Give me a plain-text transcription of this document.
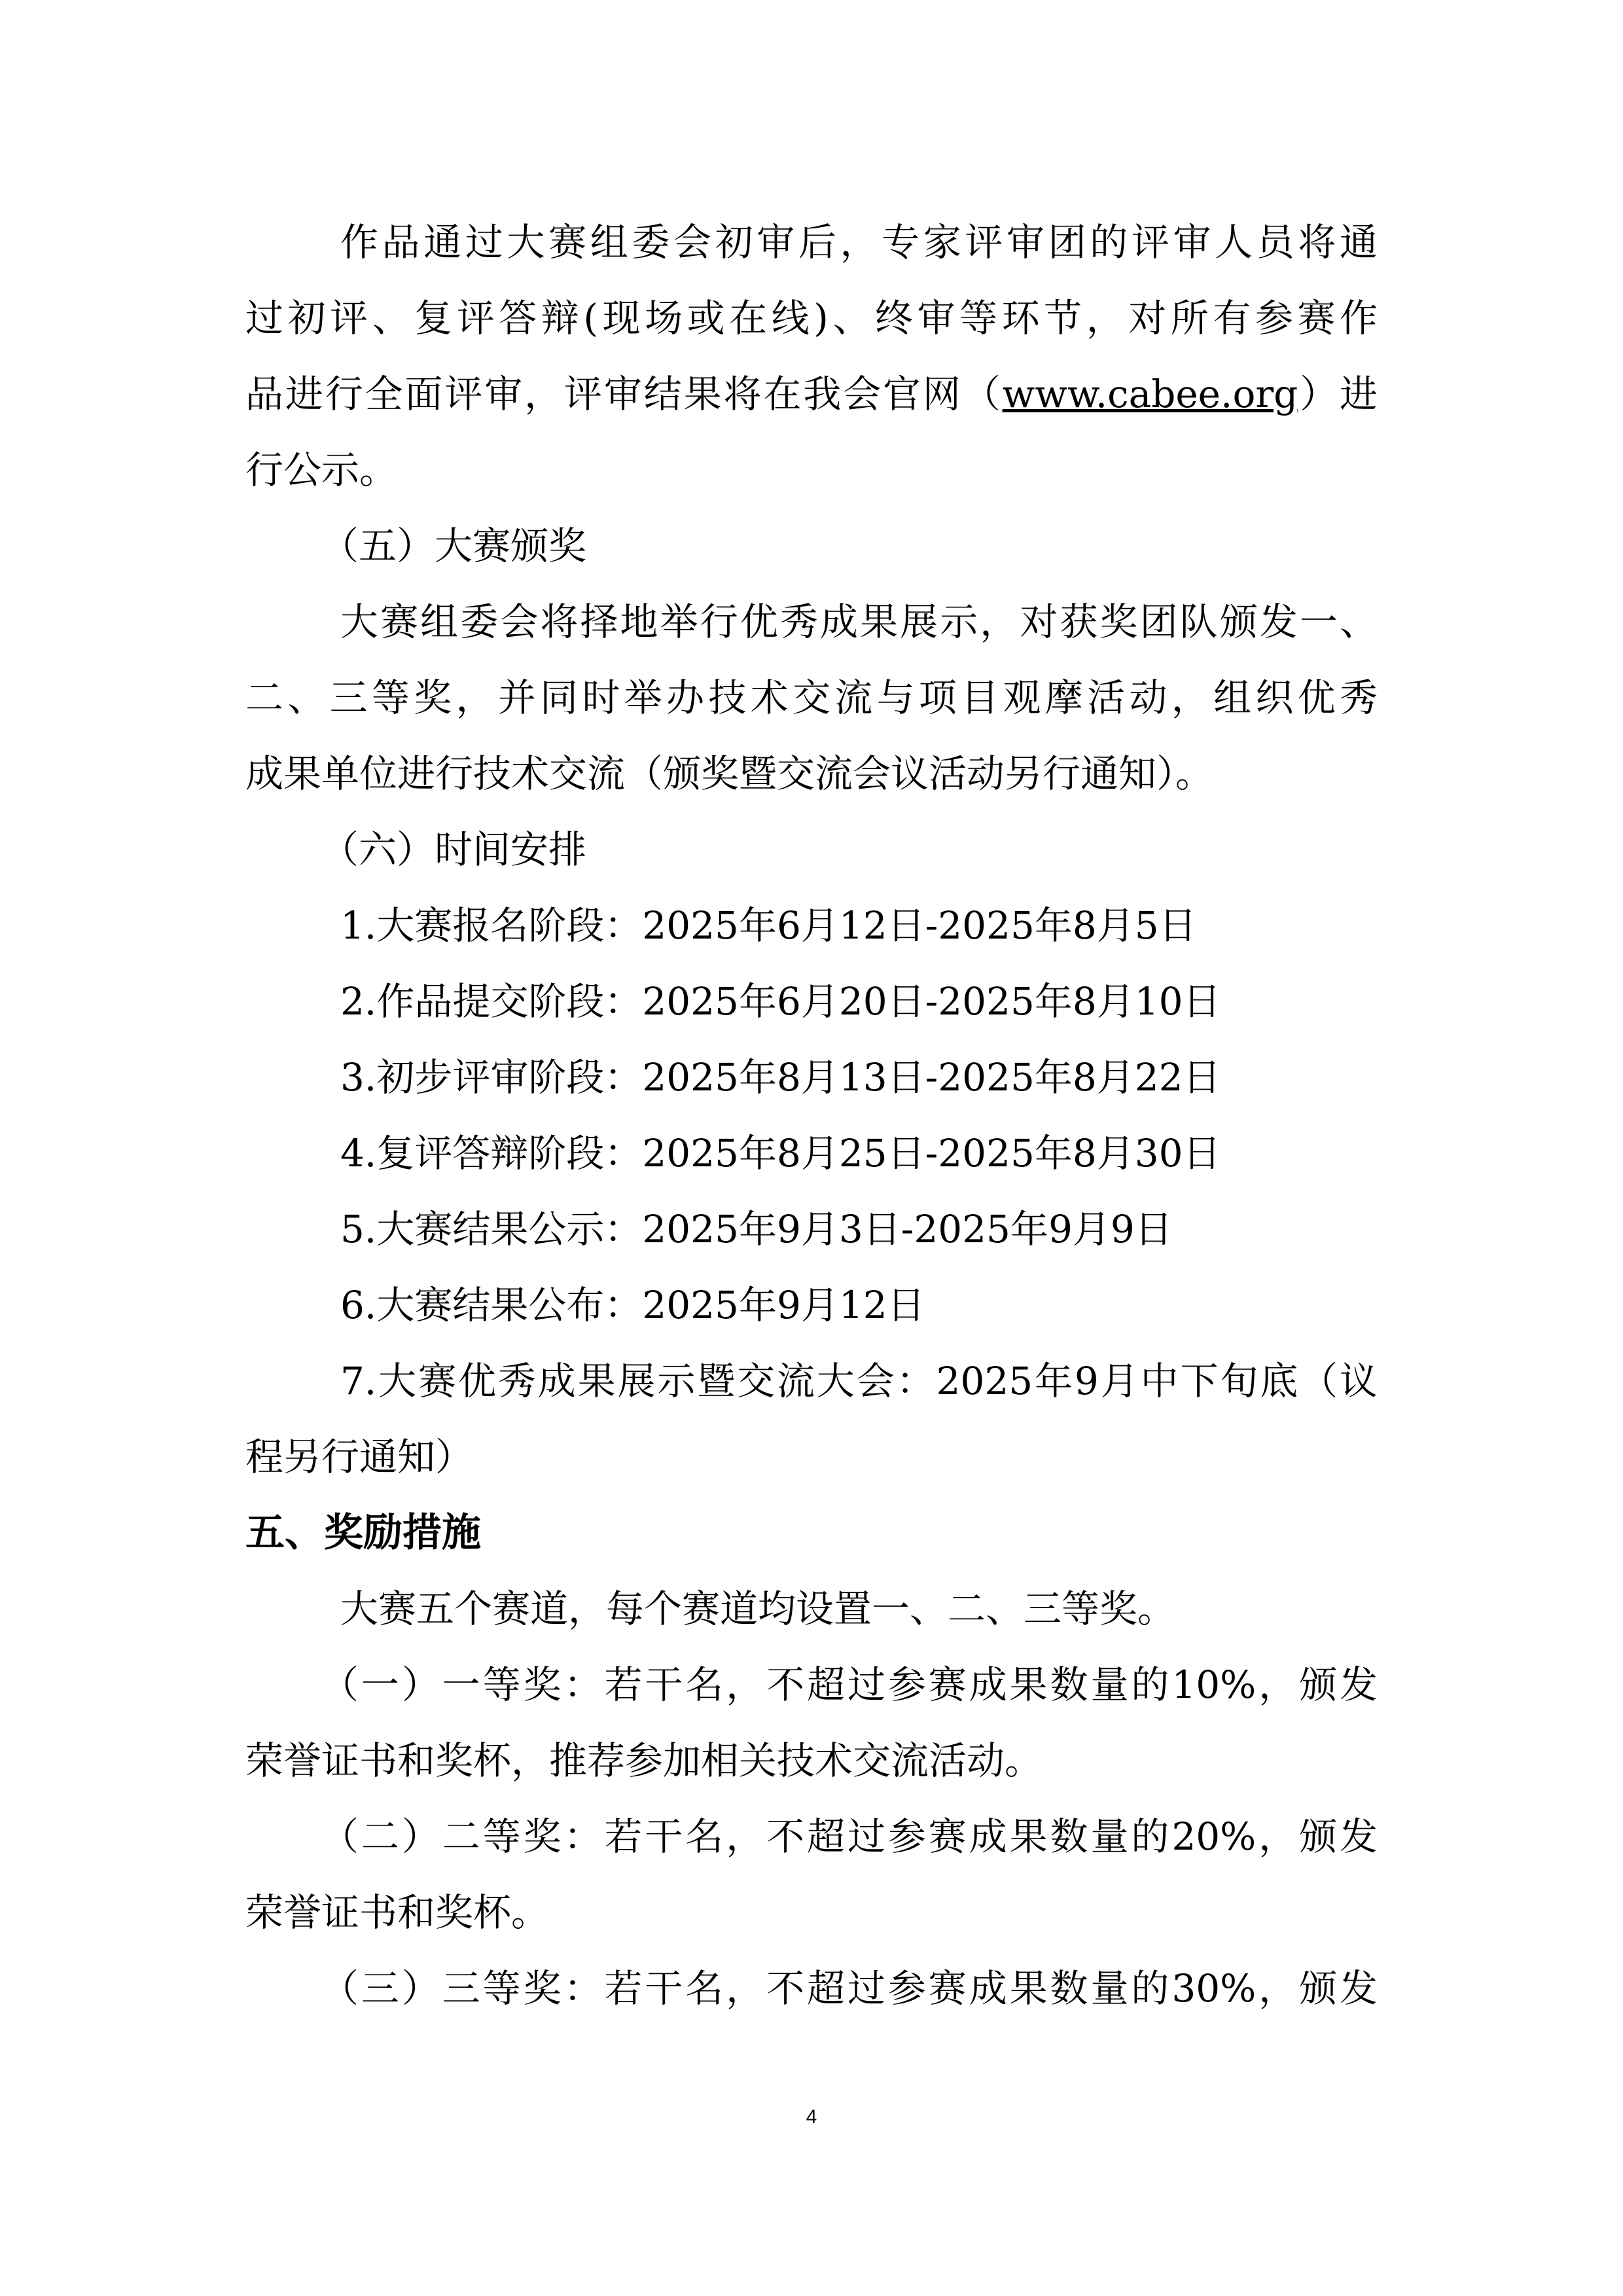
作品通过大赛组委会初审后，专家评审团的评审人员将通
过初评、复评答辩(现场或在线)、终审等环节，对所有参赛作
品进行全面评审，评审结果将在我会官网（www.cabee.org）进
行公示。
（五）大赛颁奖
大赛组委会将择地举行优秀成果展示，对获奖团队颁发一、
二、三等奖，并同时举办技术交流与项目观摩活动，组织优秀
成果单位进行技术交流（颁奖暨交流会议活动另行通知）。
（六）时间安排
1.大赛报名阶段：2025年6月12日-2025年8月5日
2.作品提交阶段：2025年6月20日-2025年8月10日
3.初步评审阶段：2025年8月13日-2025年8月22日
4.复评答辩阶段：2025年8月25日-2025年8月30日
5.大赛结果公示：2025年9月3日-2025年9月9日
6.大赛结果公布：2025年9月12日
7.大赛优秀成果展示暨交流大会：2025年9月中下旬底（议
程另行通知）
五、奖励措施
大赛五个赛道，每个赛道均设置一、二、三等奖。
（一）一等奖：若干名，不超过参赛成果数量的10%，颁发
荣誉证书和奖杯，推荐参加相关技术交流活动。
（二）二等奖：若干名，不超过参赛成果数量的20%，颁发
荣誉证书和奖杯。
（三）三等奖：若干名，不超过参赛成果数量的30%，颁发
4
